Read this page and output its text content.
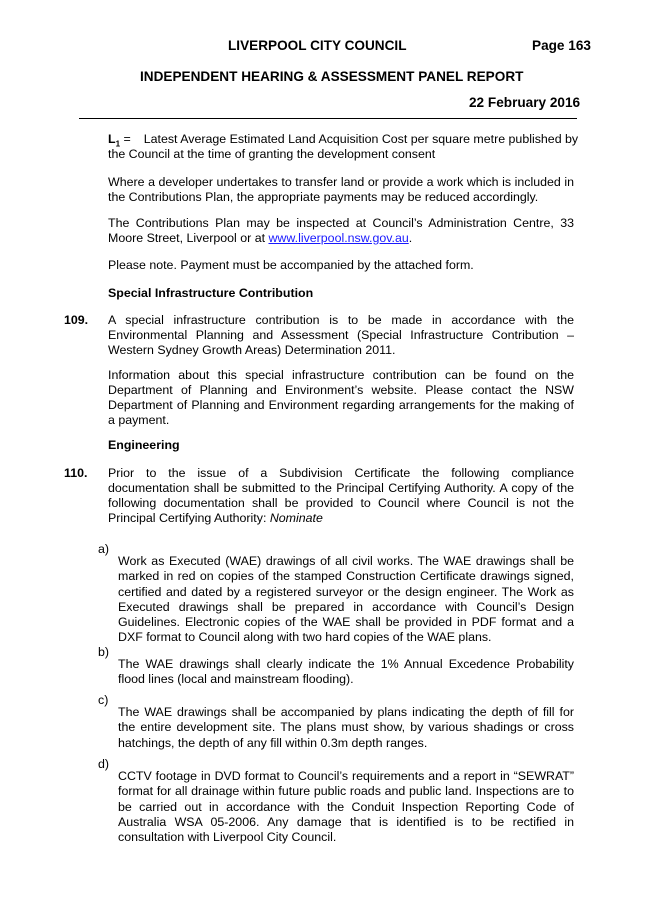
LIVERPOOL CITY COUNCIL	Page 163
INDEPENDENT HEARING & ASSESSMENT PANEL REPORT
22 February 2016
$L_1$ = Latest Average Estimated Land Acquisition Cost per square metre published by
the Council at the time of granting the development consent

Where a developer undertakes to transfer land or provide a work which is included in the Contributions Plan, the appropriate payments may be reduced accordingly.

The Contributions Plan may be inspected at Council’s Administration Centre, 33 Moore Street, Liverpool or at www.liverpool.nsw.gov.au.

Please note. Payment must be accompanied by the attached form.

Special Infrastructure Contribution
109. A special infrastructure contribution is to be made in accordance with the Environmental Planning and Assessment (Special Infrastructure Contribution – Western Sydney Growth Areas) Determination 2011.

Information about this special infrastructure contribution can be found on the Department of Planning and Environment’s website. Please contact the NSW Department of Planning and Environment regarding arrangements for the making of a payment.

Engineering
110. Prior to the issue of a Subdivision Certificate the following compliance documentation shall be submitted to the Principal Certifying Authority. A copy of the following documentation shall be provided to Council where Council is not the Principal Certifying Authority: Nominate

a)

Work as Executed (WAE) drawings of all civil works. The WAE drawings shall be marked in red on copies of the stamped Construction Certificate drawings signed, certified and dated by a registered surveyor or the design engineer. The Work as Executed drawings shall be prepared in accordance with Council’s Design Guidelines. Electronic copies of the WAE shall be provided in PDF format and a DXF format to Council along with two hard copies of the WAE plans.

b)

The WAE drawings shall clearly indicate the 1% Annual Excedence Probability flood lines (local and mainstream flooding).

c)

The WAE drawings shall be accompanied by plans indicating the depth of fill for the entire development site. The plans must show, by various shadings or cross hatchings, the depth of any fill within 0.3m depth ranges.

d)

CCTV footage in DVD format to Council’s requirements and a report in “SEWRAT” format for all drainage within future public roads and public land. Inspections are to be carried out in accordance with the Conduit Inspection Reporting Code of Australia WSA 05-2006. Any damage that is identified is to be rectified in consultation with Liverpool City Council.
